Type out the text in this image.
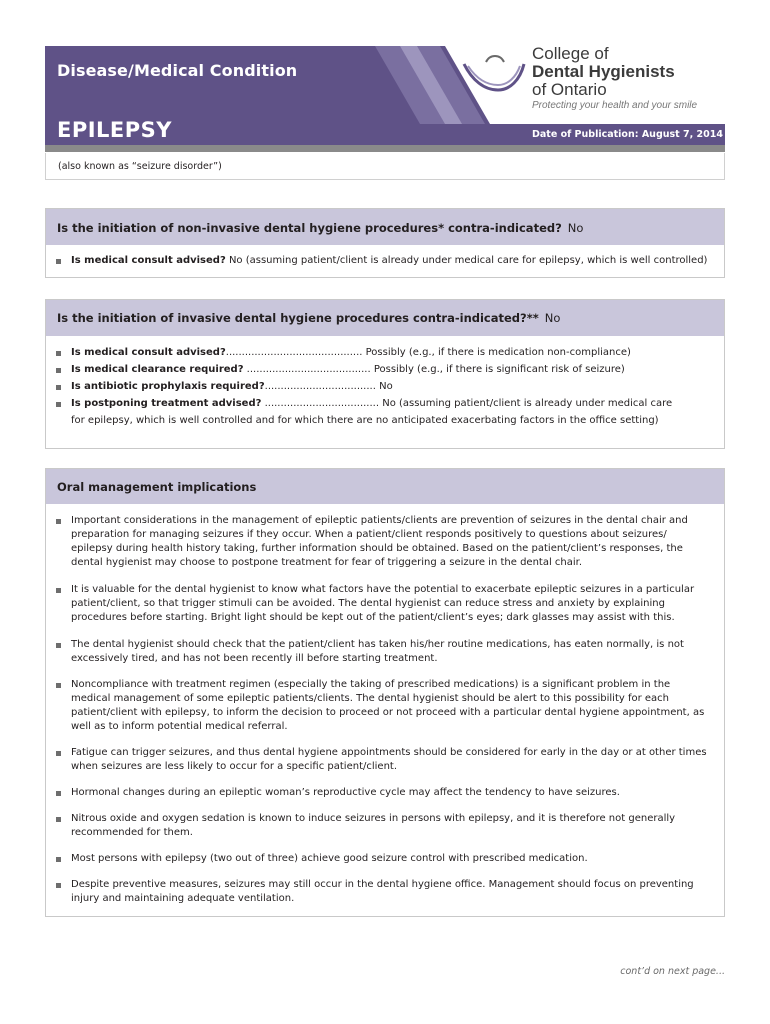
Disease/Medical Condition
EPILEPSY	Date of Publication: August 7, 2014
College of
Dental Hygienists
of Ontario
Protecting your health and your smile
(also known as “seizure disorder”)
Is the initiation of non-invasive dental hygiene procedures* contra-indicated? No
Is medical consult advised? No (assuming patient/client is already under medical care for epilepsy, which is well controlled)
Is the initiation of invasive dental hygiene procedures contra-indicated?** No
Is medical consult advised?........................................... Possibly (e.g., if there is medication non-compliance)
Is medical clearance required? ....................................... Possibly (e.g., if there is significant risk of seizure)
Is antibiotic prophylaxis required?................................... No
Is postponing treatment advised? .................................... No (assuming patient/client is already under medical care
for epilepsy, which is well controlled and for which there are no anticipated exacerbating factors in the office setting)
Oral management implications
Important considerations in the management of epileptic patients/clients are prevention of seizures in the dental chair and preparation for managing seizures if they occur. When a patient/client responds positively to questions about seizures/ epilepsy during health history taking, further information should be obtained. Based on the patient/client’s responses, the dental hygienist may choose to postpone treatment for fear of triggering a seizure in the dental chair.
It is valuable for the dental hygienist to know what factors have the potential to exacerbate epileptic seizures in a particular patient/client, so that trigger stimuli can be avoided. The dental hygienist can reduce stress and anxiety by explaining procedures before starting. Bright light should be kept out of the patient/client’s eyes; dark glasses may assist with this.
The dental hygienist should check that the patient/client has taken his/her routine medications, has eaten normally, is not excessively tired, and has not been recently ill before starting treatment.
Noncompliance with treatment regimen (especially the taking of prescribed medications) is a significant problem in the medical management of some epileptic patients/clients. The dental hygienist should be alert to this possibility for each patient/client with epilepsy, to inform the decision to proceed or not proceed with a particular dental hygiene appointment, as well as to inform potential medical referral.
Fatigue can trigger seizures, and thus dental hygiene appointments should be considered for early in the day or at other times when seizures are less likely to occur for a specific patient/client.
Hormonal changes during an epileptic woman’s reproductive cycle may affect the tendency to have seizures.
Nitrous oxide and oxygen sedation is known to induce seizures in persons with epilepsy, and it is therefore not generally recommended for them.
Most persons with epilepsy (two out of three) achieve good seizure control with prescribed medication.
Despite preventive measures, seizures may still occur in the dental hygiene office. Management should focus on preventing injury and maintaining adequate ventilation.
cont’d on next page...
